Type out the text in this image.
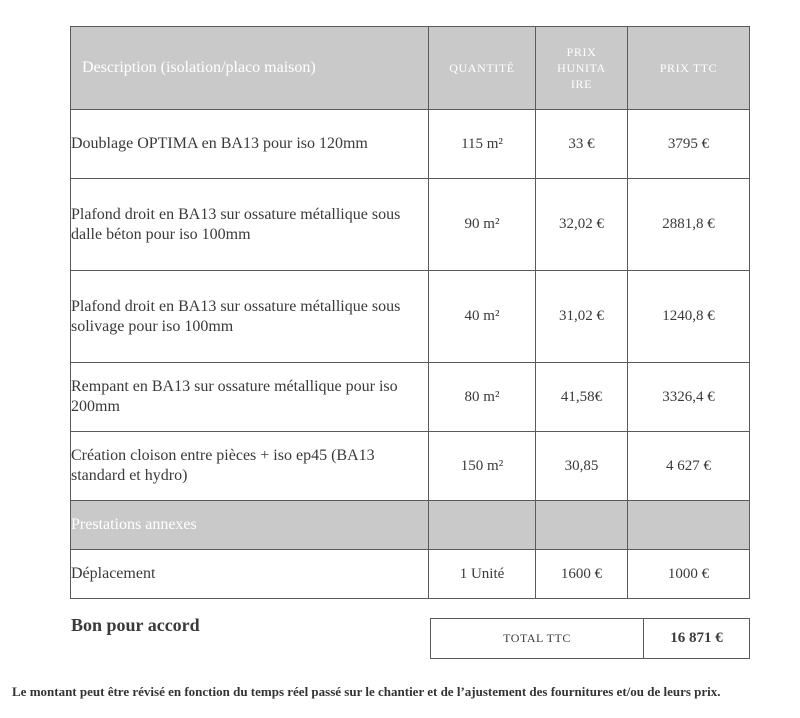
Description (isolation/placo maison)	QUANTITÉ	PRIX HUNITA IRE	PRIX TTC
Doublage OPTIMA en BA13 pour iso 120mm	115 m²	33 €	3795 €
Plafond droit en BA13 sur ossature métallique sous dalle béton pour iso 100mm	90 m²	32,02 €	2881,8 €
Plafond droit en BA13 sur ossature métallique sous solivage pour iso 100mm	40 m²	31,02 €	1240,8 €
Rempant en BA13 sur ossature métallique pour iso 200mm	80 m²	41,58€	3326,4 €
Création cloison entre pièces + iso ep45 (BA13 standard et hydro)	150 m²	30,85	4 627 €
Prestations annexes			
Déplacement	1 Unité	1600 €	1000 €
Bon pour accord
TOTAL TTC	16 871 €
Le montant peut être révisé en fonction du temps réel passé sur le chantier et de l’ajustement des fournitures et/ou de leurs prix.
